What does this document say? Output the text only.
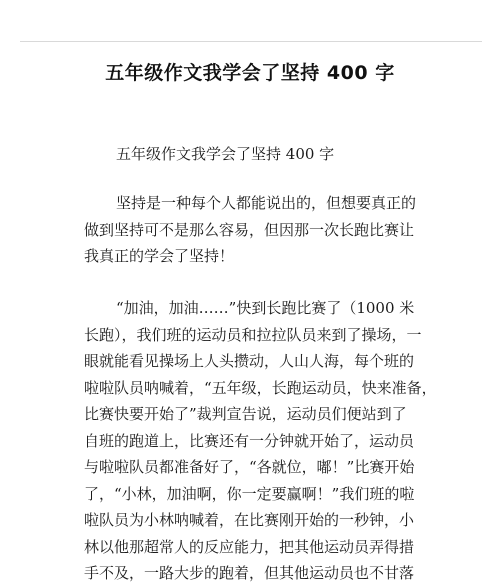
五年级作文我学会了坚持 400 字
五年级作文我学会了坚持 400 字
坚持是一种每个人都能说出的，但想要真正的
做到坚持可不是那么容易，但因那一次长跑比赛让
我真正的学会了坚持！
“加油，加油……”快到长跑比赛了（1000 米
长跑），我们班的运动员和拉拉队员来到了操场，一
眼就能看见操场上人头攒动，人山人海，每个班的
啦啦队员呐喊着，“五年级，长跑运动员，快来准备，
比赛快要开始了”裁判宣告说，运动员们便站到了
自班的跑道上，比赛还有一分钟就开始了，运动员
与啦啦队员都准备好了，“各就位，嘟！”比赛开始
了，“小林，加油啊，你一定要赢啊！”我们班的啦
啦队员为小林呐喊着，在比赛刚开始的一秒钟，小
林以他那超常人的反应能力，把其他运动员弄得措
手不及，一路大步的跑着，但其他运动员也不甘落
